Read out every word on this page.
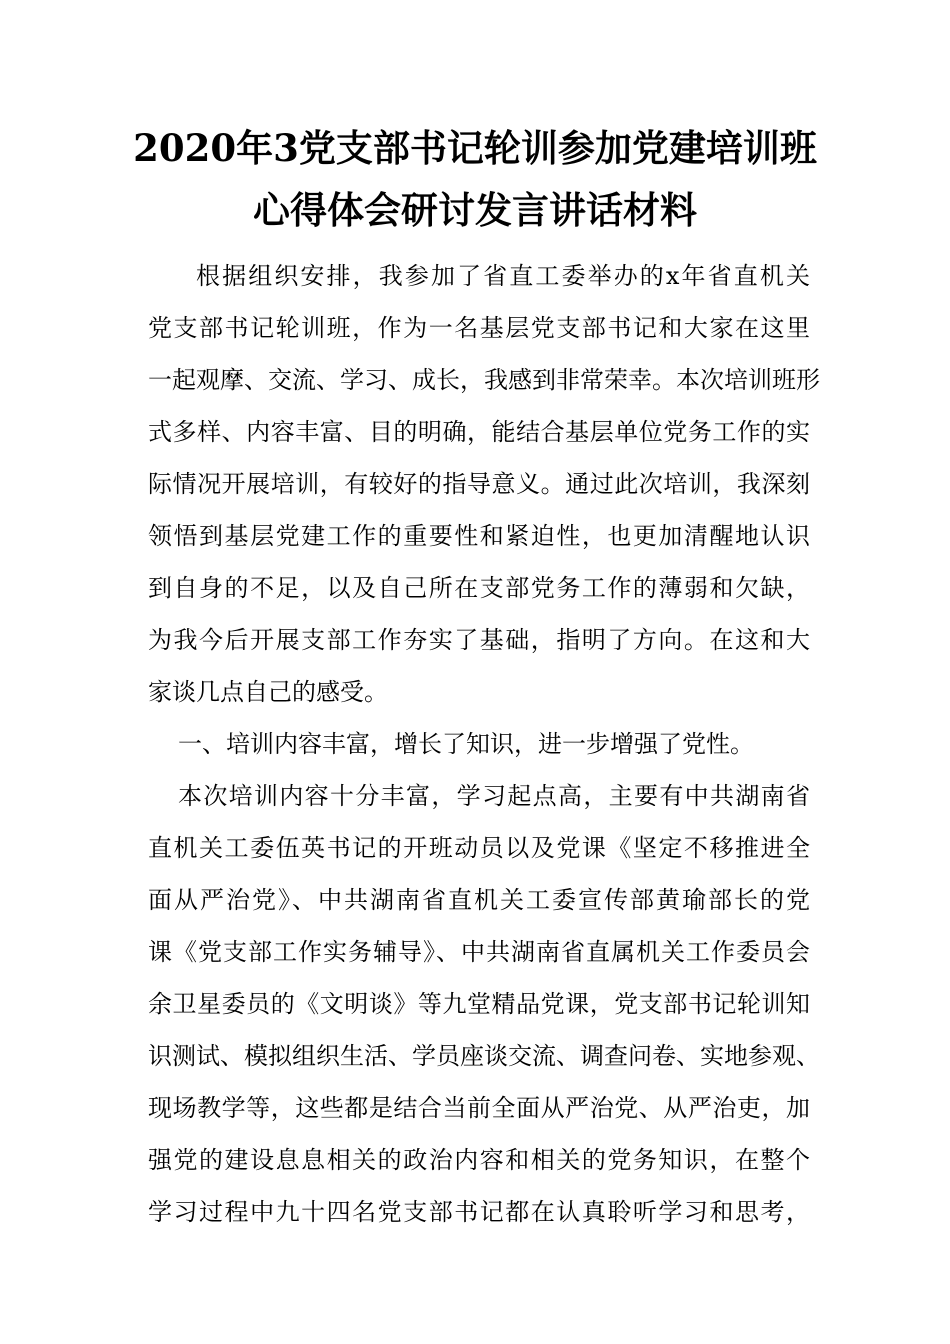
2020年3党支部书记轮训参加党建培训班
心得体会研讨发言讲话材料
根据组织安排，我参加了省直工委举办的x年省直机关
党支部书记轮训班，作为一名基层党支部书记和大家在这里
一起观摩、交流、学习、成长，我感到非常荣幸。本次培训班形
式多样、内容丰富、目的明确，能结合基层单位党务工作的实
际情况开展培训，有较好的指导意义。通过此次培训，我深刻
领悟到基层党建工作的重要性和紧迫性，也更加清醒地认识
到自身的不足，以及自己所在支部党务工作的薄弱和欠缺，
为我今后开展支部工作夯实了基础，指明了方向。在这和大
家谈几点自己的感受。
一、培训内容丰富，增长了知识，进一步增强了党性。
本次培训内容十分丰富，学习起点高，主要有中共湖南省
直机关工委伍英书记的开班动员以及党课《坚定不移推进全
面从严治党》、中共湖南省直机关工委宣传部黄瑜部长的党
课《党支部工作实务辅导》、中共湖南省直属机关工作委员会
余卫星委员的《文明谈》等九堂精品党课，党支部书记轮训知
识测试、模拟组织生活、学员座谈交流、调查问卷、实地参观、
现场教学等，这些都是结合当前全面从严治党、从严治吏，加
强党的建设息息相关的政治内容和相关的党务知识，在整个
学习过程中九十四名党支部书记都在认真聆听学习和思考，
